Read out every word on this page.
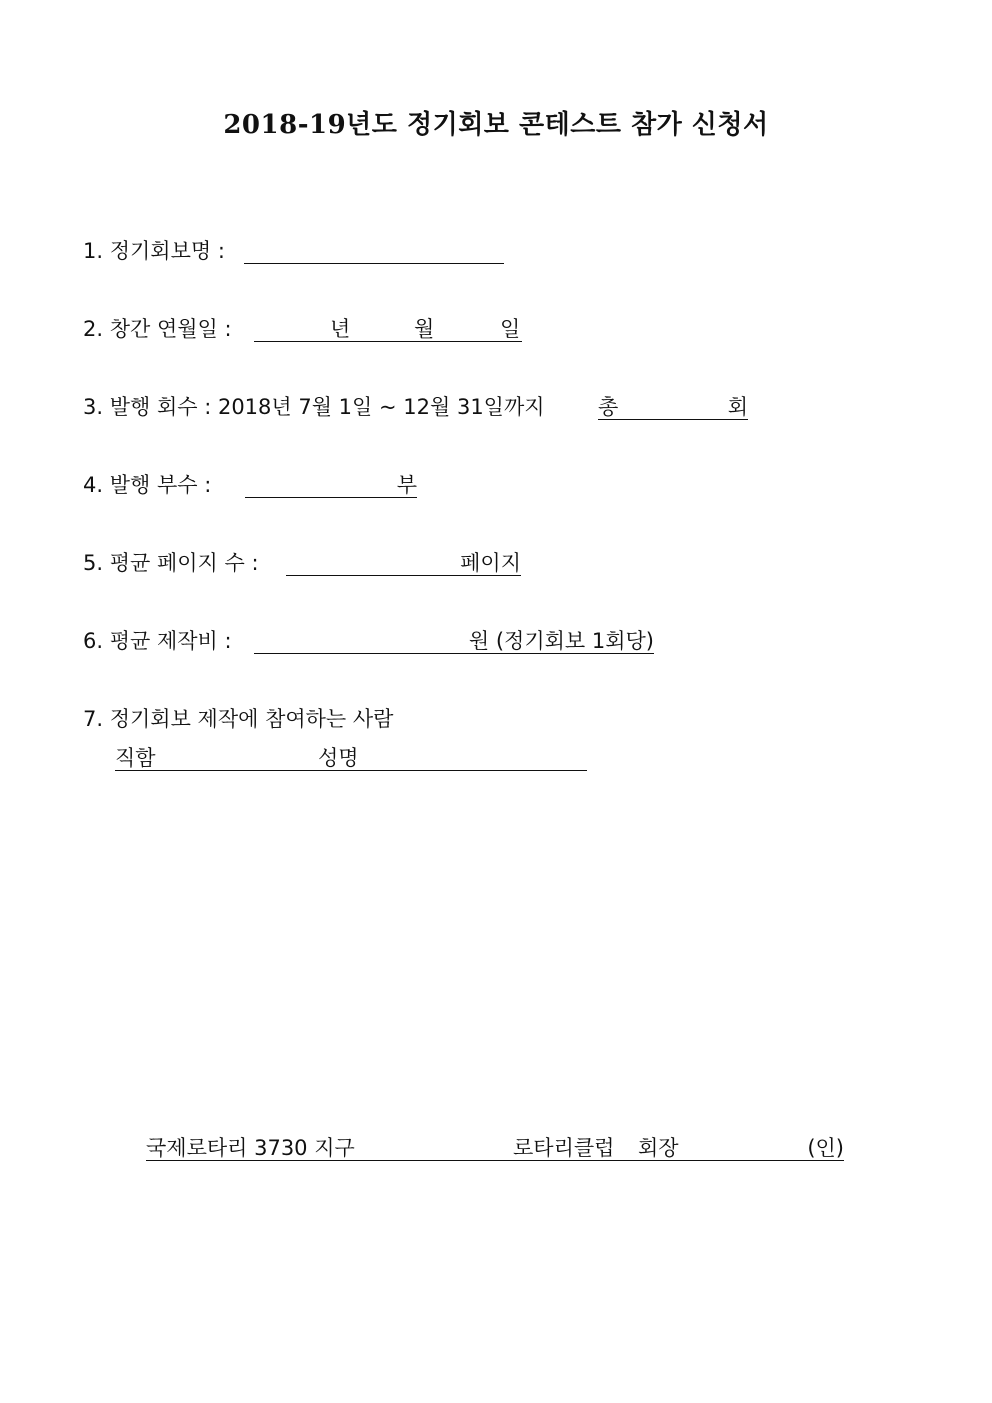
2018-19년도 정기회보 콘테스트 참가 신청서
1. 정기회보명 :
2. 창간 연월일 :	년	월	일
3. 발행 회수 : 2018년 7월 1일 ~ 12월 31일까지	총	회
4. 발행 부수 :	부
5. 평균 페이지 수 :	페이지
6. 평균 제작비 :	원 (정기회보 1회당)
7. 정기회보 제작에 참여하는 사람
직함	성명
국제로타리 3730 지구	로타리클럽 회장	(인)
